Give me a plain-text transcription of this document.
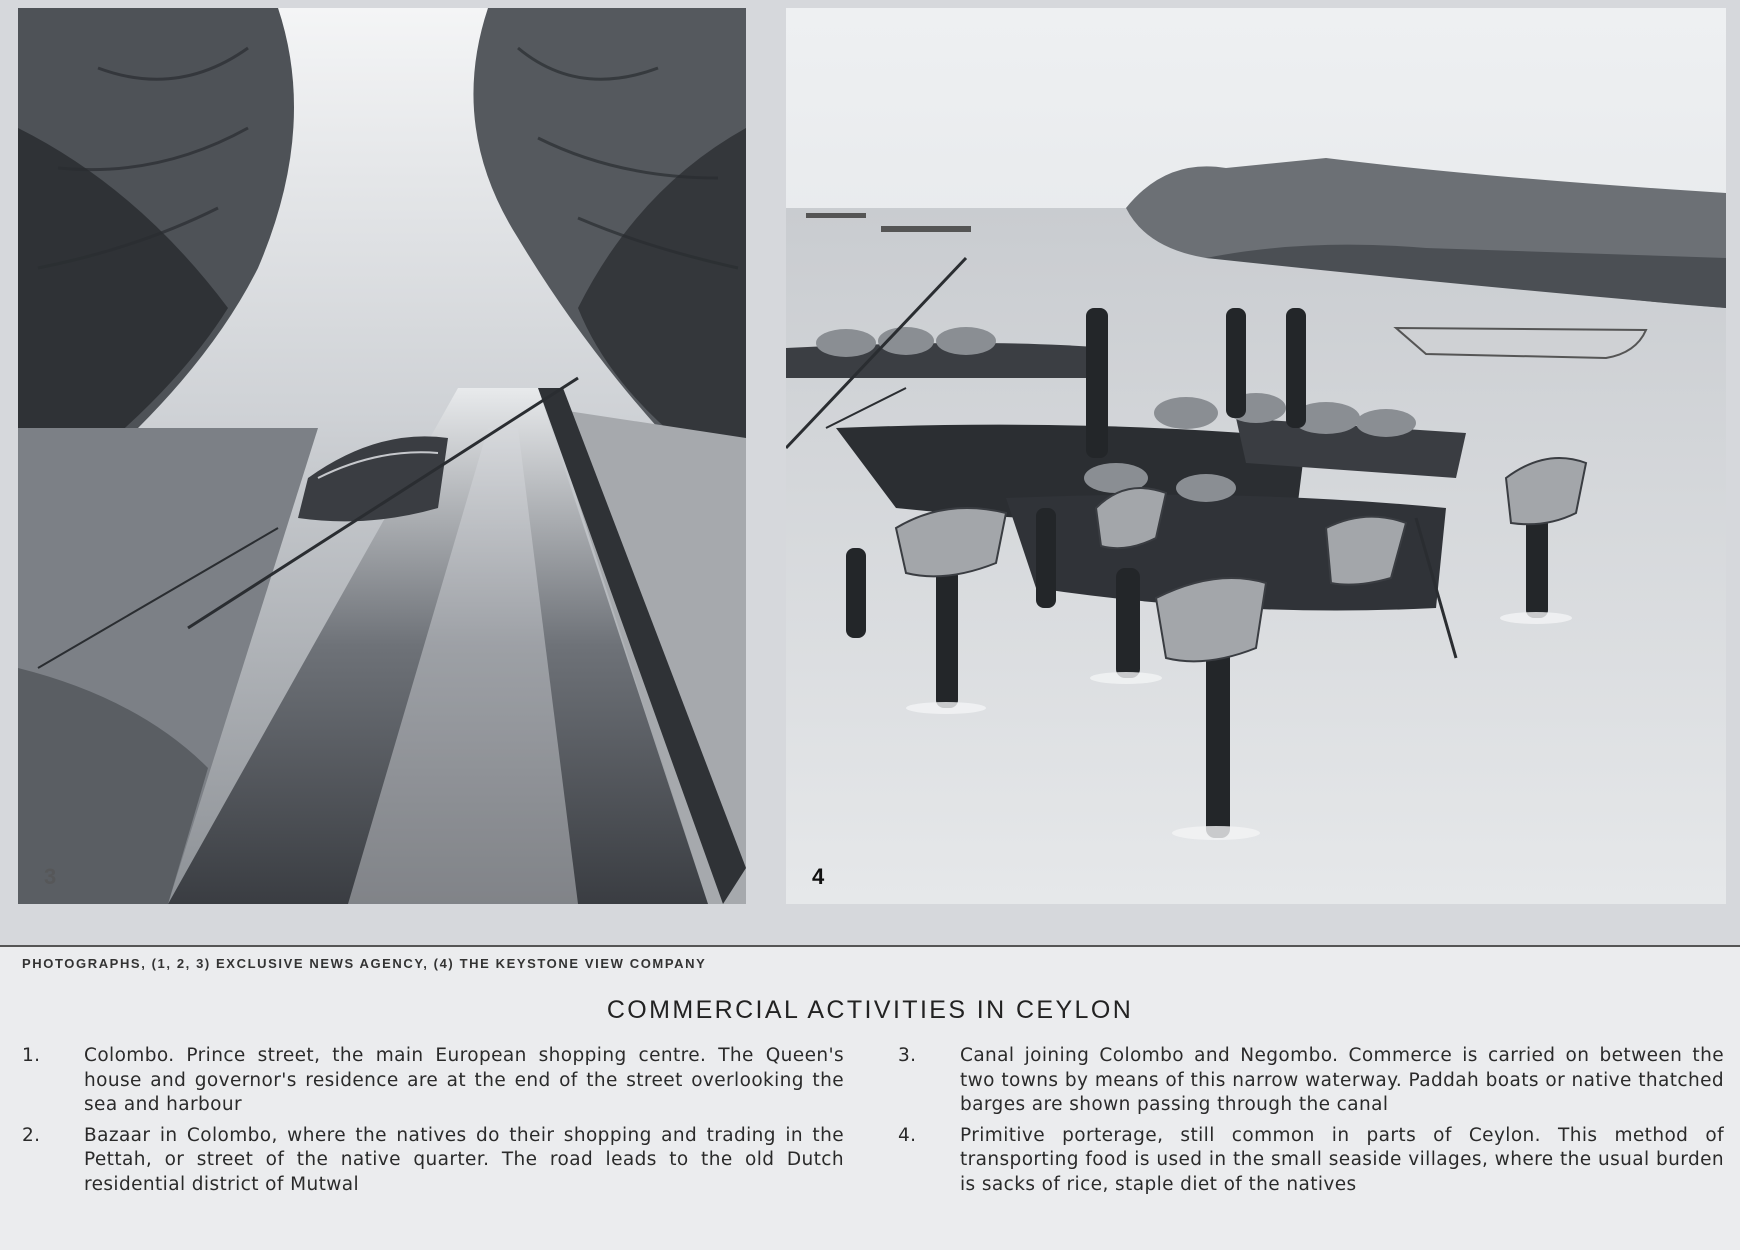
3	4
PHOTOGRAPHS, (1, 2, 3) EXCLUSIVE NEWS AGENCY, (4) THE KEYSTONE VIEW COMPANY
COMMERCIAL ACTIVITIES IN CEYLON
1.	Colombo. Prince street, the main European shopping centre. The Queen's house and governor's residence are at the end of the street overlooking the sea and harbour
2.	Bazaar in Colombo, where the natives do their shopping and trading in the Pettah, or street of the native quarter. The road leads to the old Dutch residential district of Mutwal
3.	Canal joining Colombo and Negombo. Commerce is carried on between the two towns by means of this narrow waterway. Paddah boats or native thatched barges are shown passing through the canal
4.	Primitive porterage, still common in parts of Ceylon. This method of transporting food is used in the small seaside villages, where the usual burden is sacks of rice, staple diet of the natives
